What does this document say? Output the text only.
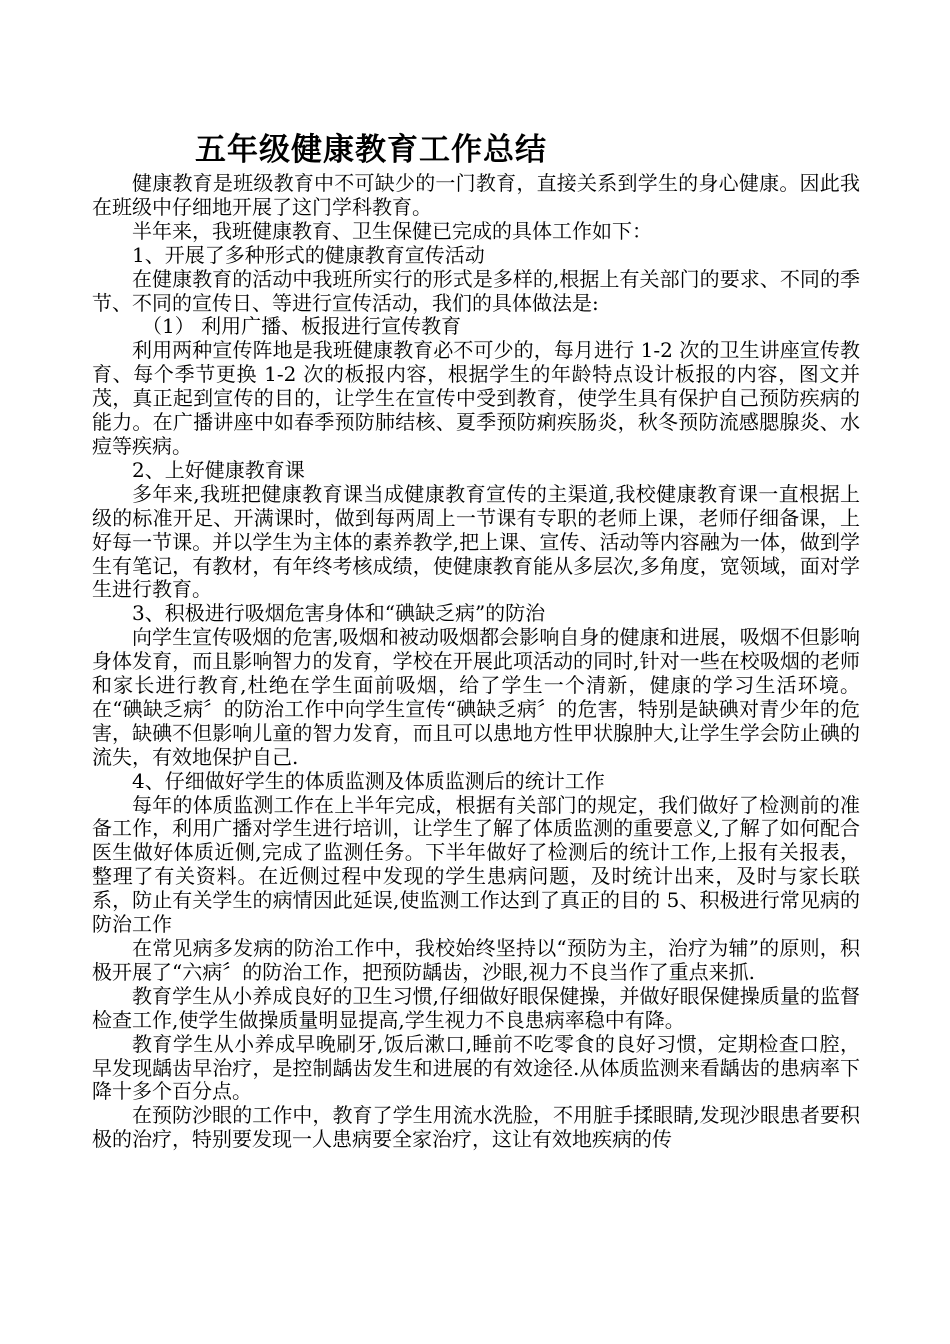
五年级健康教育工作总结

健康教育是班级教育中不可缺少的一门教育，直接关系到学生的身心健康。因此我在班级中仔细地开展了这门学科教育。

半年来，我班健康教育、卫生保健已完成的具体工作如下：

1、开展了多种形式的健康教育宣传活动

在健康教育的活动中我班所实行的形式是多样的,根据上有关部门的要求、不同的季节、不同的宣传日、等进行宣传活动，我们的具体做法是:

（1） 利用广播、板报进行宣传教育

利用两种宣传阵地是我班健康教育必不可少的，每月进行 1-2 次的卫生讲座宣传教育、每个季节更换 1-2 次的板报内容，根据学生的年龄特点设计板报的内容，图文并茂，真正起到宣传的目的，让学生在宣传中受到教育，使学生具有保护自己预防疾病的能力。在广播讲座中如春季预防肺结核、夏季预防痢疾肠炎，秋冬预防流感腮腺炎、水痘等疾病。

2、上好健康教育课

多年来,我班把健康教育课当成健康教育宣传的主渠道,我校健康教育课一直根据上级的标准开足、开满课时，做到每两周上一节课有专职的老师上课，老师仔细备课，上好每一节课。并以学生为主体的素养教学,把上课、宣传、活动等内容融为一体，做到学生有笔记，有教材，有年终考核成绩，使健康教育能从多层次,多角度，宽领域，面对学生进行教育。

3、积极进行吸烟危害身体和“碘缺乏病”的防治

向学生宣传吸烟的危害,吸烟和被动吸烟都会影响自身的健康和进展，吸烟不但影响身体发育，而且影响智力的发育，学校在开展此项活动的同时,针对一些在校吸烟的老师和家长进行教育,杜绝在学生面前吸烟，给了学生一个清新，健康的学习生活环境。在“碘缺乏病〞的防治工作中向学生宣传“碘缺乏病〞的危害，特别是缺碘对青少年的危害，缺碘不但影响儿童的智力发育，而且可以患地方性甲状腺肿大,让学生学会防止碘的流失，有效地保护自己.

4、仔细做好学生的体质监测及体质监测后的统计工作

每年的体质监测工作在上半年完成，根据有关部门的规定，我们做好了检测前的准备工作，利用广播对学生进行培训，让学生了解了体质监测的重要意义,了解了如何配合医生做好体质近侧,完成了监测任务。下半年做好了检测后的统计工作,上报有关报表，整理了有关资料。在近侧过程中发现的学生患病问题，及时统计出来，及时与家长联系，防止有关学生的病情因此延误,使监测工作达到了真正的目的 5、积极进行常见病的防治工作

在常见病多发病的防治工作中，我校始终坚持以“预防为主，治疗为辅”的原则，积极开展了“六病〞的防治工作，把预防龋齿，沙眼,视力不良当作了重点来抓.

教育学生从小养成良好的卫生习惯,仔细做好眼保健操，并做好眼保健操质量的监督检查工作,使学生做操质量明显提高,学生视力不良患病率稳中有降。

教育学生从小养成早晚刷牙,饭后漱口,睡前不吃零食的良好习惯，定期检查口腔，早发现龋齿早治疗，是控制龋齿发生和进展的有效途径.从体质监测来看龋齿的患病率下降十多个百分点。

在预防沙眼的工作中，教育了学生用流水洗脸，不用脏手揉眼睛,发现沙眼患者要积极的治疗，特别要发现一人患病要全家治疗，这让有效地疾病的传
